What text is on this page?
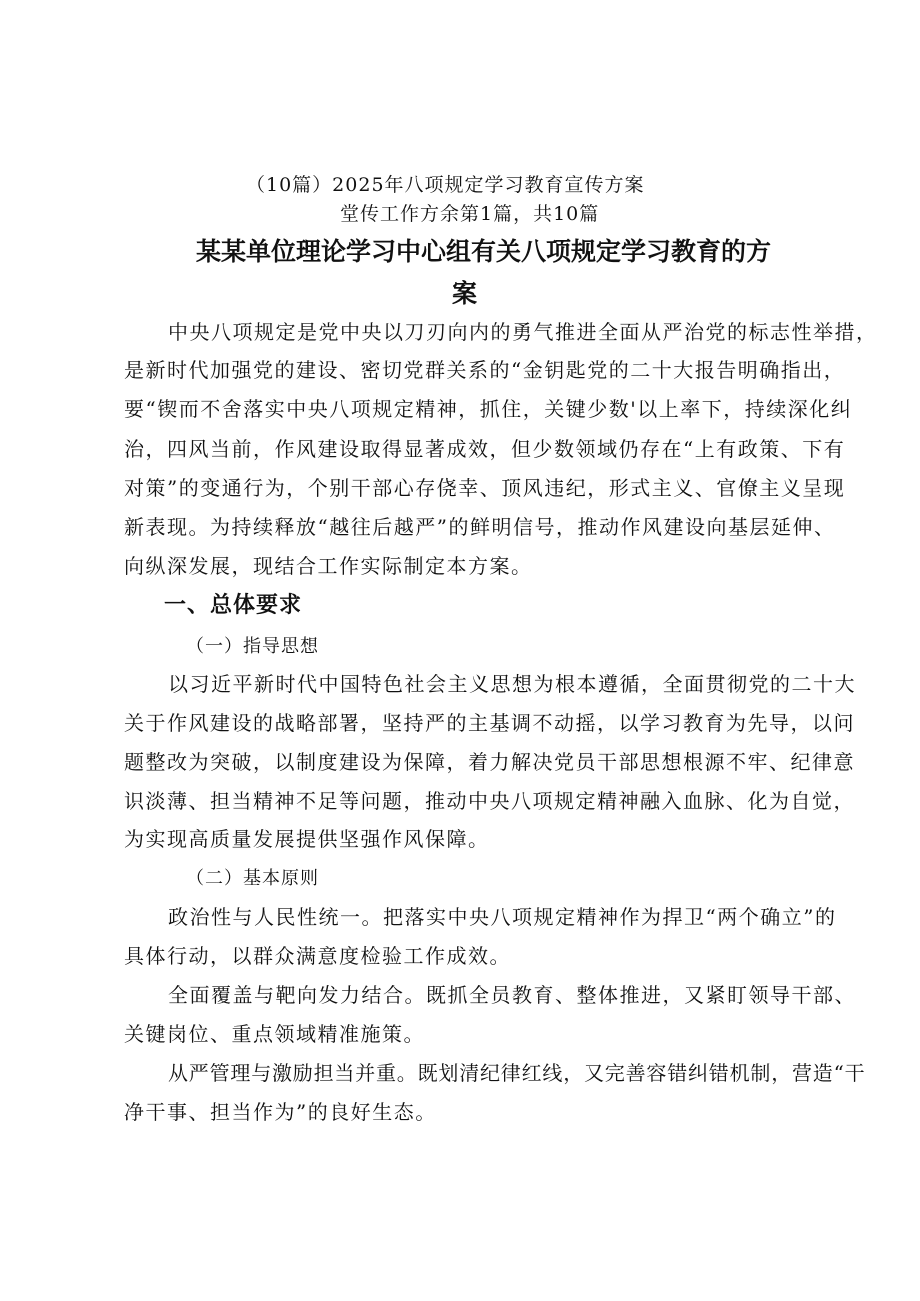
（10篇）2025年八项规定学习教育宣传方案
堂传工作方余第1篇，共10篇
某某单位理论学习中心组有关八项规定学习教育的方
案
中央八项规定是党中央以刀刃向内的勇气推进全面从严治党的标志性举措，
是新时代加强党的建设、密切党群关系的“金钥匙党的二十大报告明确指出，
要“锲而不舍落实中央八项规定精神，抓住，关键少数'以上率下，持续深化纠
治，四风当前，作风建设取得显著成效，但少数领域仍存在“上有政策、下有
对策”的变通行为，个别干部心存侥幸、顶风违纪，形式主义、官僚主义呈现
新表现。为持续释放“越往后越严”的鲜明信号，推动作风建设向基层延伸、
向纵深发展，现结合工作实际制定本方案。
一、总体要求
（一）指导思想
以习近平新时代中国特色社会主义思想为根本遵循，全面贯彻党的二十大
关于作风建设的战略部署，坚持严的主基调不动摇，以学习教育为先导，以问
题整改为突破，以制度建设为保障，着力解决党员干部思想根源不牢、纪律意
识淡薄、担当精神不足等问题，推动中央八项规定精神融入血脉、化为自觉，
为实现高质量发展提供坚强作风保障。
（二）基本原则
政治性与人民性统一。把落实中央八项规定精神作为捍卫“两个确立”的
具体行动，以群众满意度检验工作成效。
全面覆盖与靶向发力结合。既抓全员教育、整体推进，又紧盯领导干部、
关键岗位、重点领域精准施策。
从严管理与激励担当并重。既划清纪律红线，又完善容错纠错机制，营造“干
净干事、担当作为”的良好生态。
